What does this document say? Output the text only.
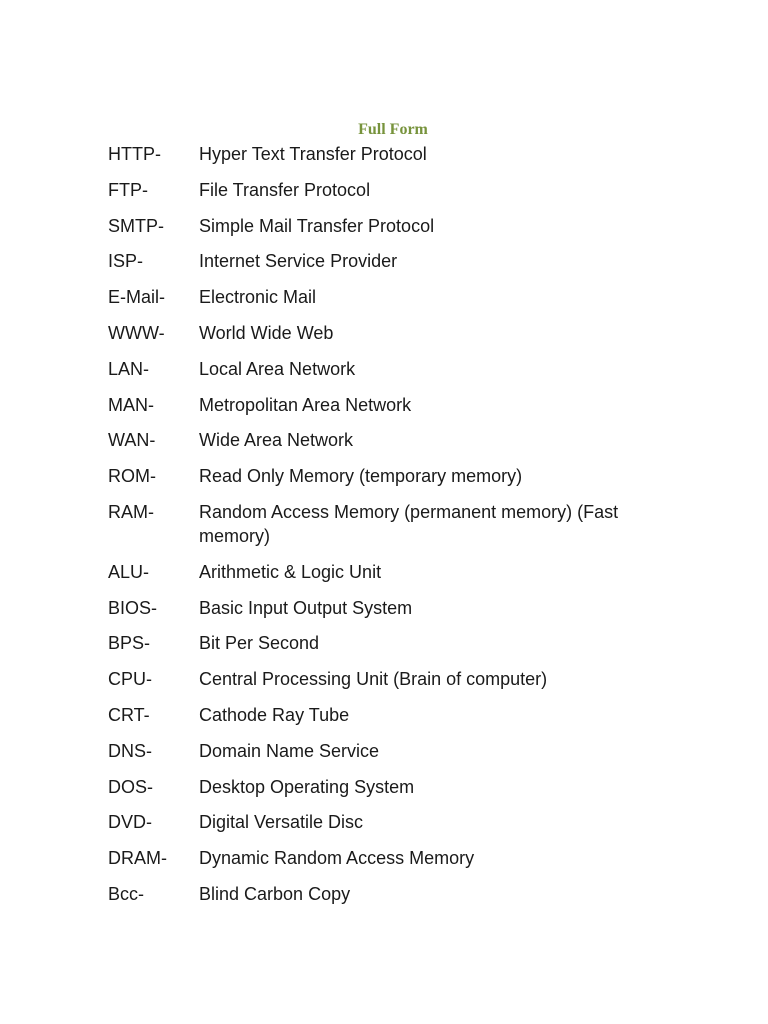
Full Form
HTTP-	Hyper Text Transfer Protocol
FTP-	File Transfer Protocol
SMTP-	Simple Mail Transfer Protocol
ISP-	Internet Service Provider
E-Mail-	Electronic Mail
WWW-	World Wide Web
LAN-	Local Area Network
MAN-	Metropolitan Area Network
WAN-	Wide Area Network
ROM-	Read Only Memory (temporary memory)
RAM-	Random Access Memory (permanent memory) (Fast memory)
ALU-	Arithmetic & Logic Unit
BIOS-	Basic Input Output System
BPS-	Bit Per Second
CPU-	Central Processing Unit (Brain of computer)
CRT-	Cathode Ray Tube
DNS-	Domain Name Service
DOS-	Desktop Operating System
DVD-	Digital Versatile Disc
DRAM-	Dynamic Random Access Memory
Bcc-	Blind Carbon Copy
